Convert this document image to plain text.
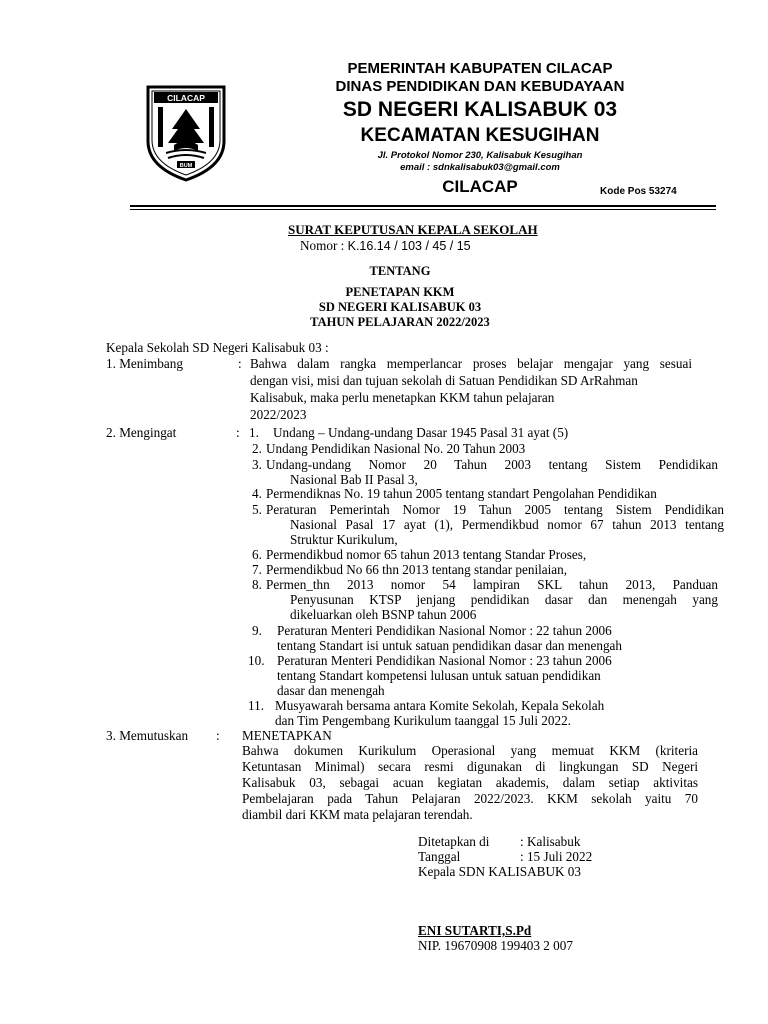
CILACAP
BUM
PEMERINTAH KABUPATEN CILACAP
DINAS PENDIDIKAN DAN KEBUDAYAAN
SD NEGERI KALISABUK 03
KECAMATAN KESUGIHAN
Jl. Protokol Nomor 230, Kalisabuk Kesugihan
email : sdnkalisabuk03@gmail.com
CILACAP	Kode Pos 53274
SURAT KEPUTUSAN KEPALA SEKOLAH
Nomor : K.16.14 / 103 / 45 / 15
TENTANG
PENETAPAN KKM
SD NEGERI KALISABUK 03
TAHUN PELAJARAN 2022/2023
Kepala Sekolah SD Negeri Kalisabuk 03 :
1. Menimbang	: Bahwa dalam rangka memperlancar proses belajar mengajar yang sesuai
dengan visi, misi dan tujuan sekolah di Satuan Pendidikan SD ArRahman
Kalisabuk, maka perlu menetapkan KKM tahun pelajaran
2022/2023
2. Mengingat	: 1. Undang – Undang-undang Dasar 1945 Pasal 31 ayat (5)
2. Undang Pendidikan Nasional No. 20 Tahun 2003
3. Undang-undang Nomor 20 Tahun 2003 tentang Sistem Pendidikan
Nasional Bab II Pasal 3,
4. Permendiknas No. 19 tahun 2005 tentang standart Pengolahan Pendidikan
5. Peraturan Pemerintah Nomor 19 Tahun 2005 tentang Sistem Pendidikan
Nasional Pasal 17 ayat (1), Permendikbud nomor 67 tahun 2013 tentang
Struktur Kurikulum,
6. Permendikbud nomor 65 tahun 2013 tentang Standar Proses,
7. Permendikbud No 66 thn 2013 tentang standar penilaian,
8. Permen_thn 2013 nomor 54 lampiran SKL tahun 2013, Panduan
Penyusunan KTSP jenjang pendidikan dasar dan menengah yang
dikeluarkan oleh BSNP tahun 2006
9. Peraturan Menteri Pendidikan Nasional Nomor : 22 tahun 2006
tentang Standart isi untuk satuan pendidikan dasar dan menengah
10. Peraturan Menteri Pendidikan Nasional Nomor : 23 tahun 2006
tentang Standart kompetensi lulusan untuk satuan pendidikan
dasar dan menengah
11. Musyawarah bersama antara Komite Sekolah, Kepala Sekolah
dan Tim Pengembang Kurikulum taanggal 15 Juli 2022.
3. Memutuskan : MENETAPKAN
Bahwa dokumen Kurikulum Operasional yang memuat KKM (kriteria
Ketuntasan Minimal) secara resmi digunakan di lingkungan SD Negeri
Kalisabuk 03, sebagai acuan kegiatan akademis, dalam setiap aktivitas
Pembelajaran pada Tahun Pelajaran 2022/2023. KKM sekolah yaitu 70
diambil dari KKM mata pelajaran terendah.
Ditetapkan di : Kalisabuk
Tanggal	: 15 Juli 2022
Kepala SDN KALISABUK 03
ENI SUTARTI,S.Pd
NIP. 19670908 199403 2 007
